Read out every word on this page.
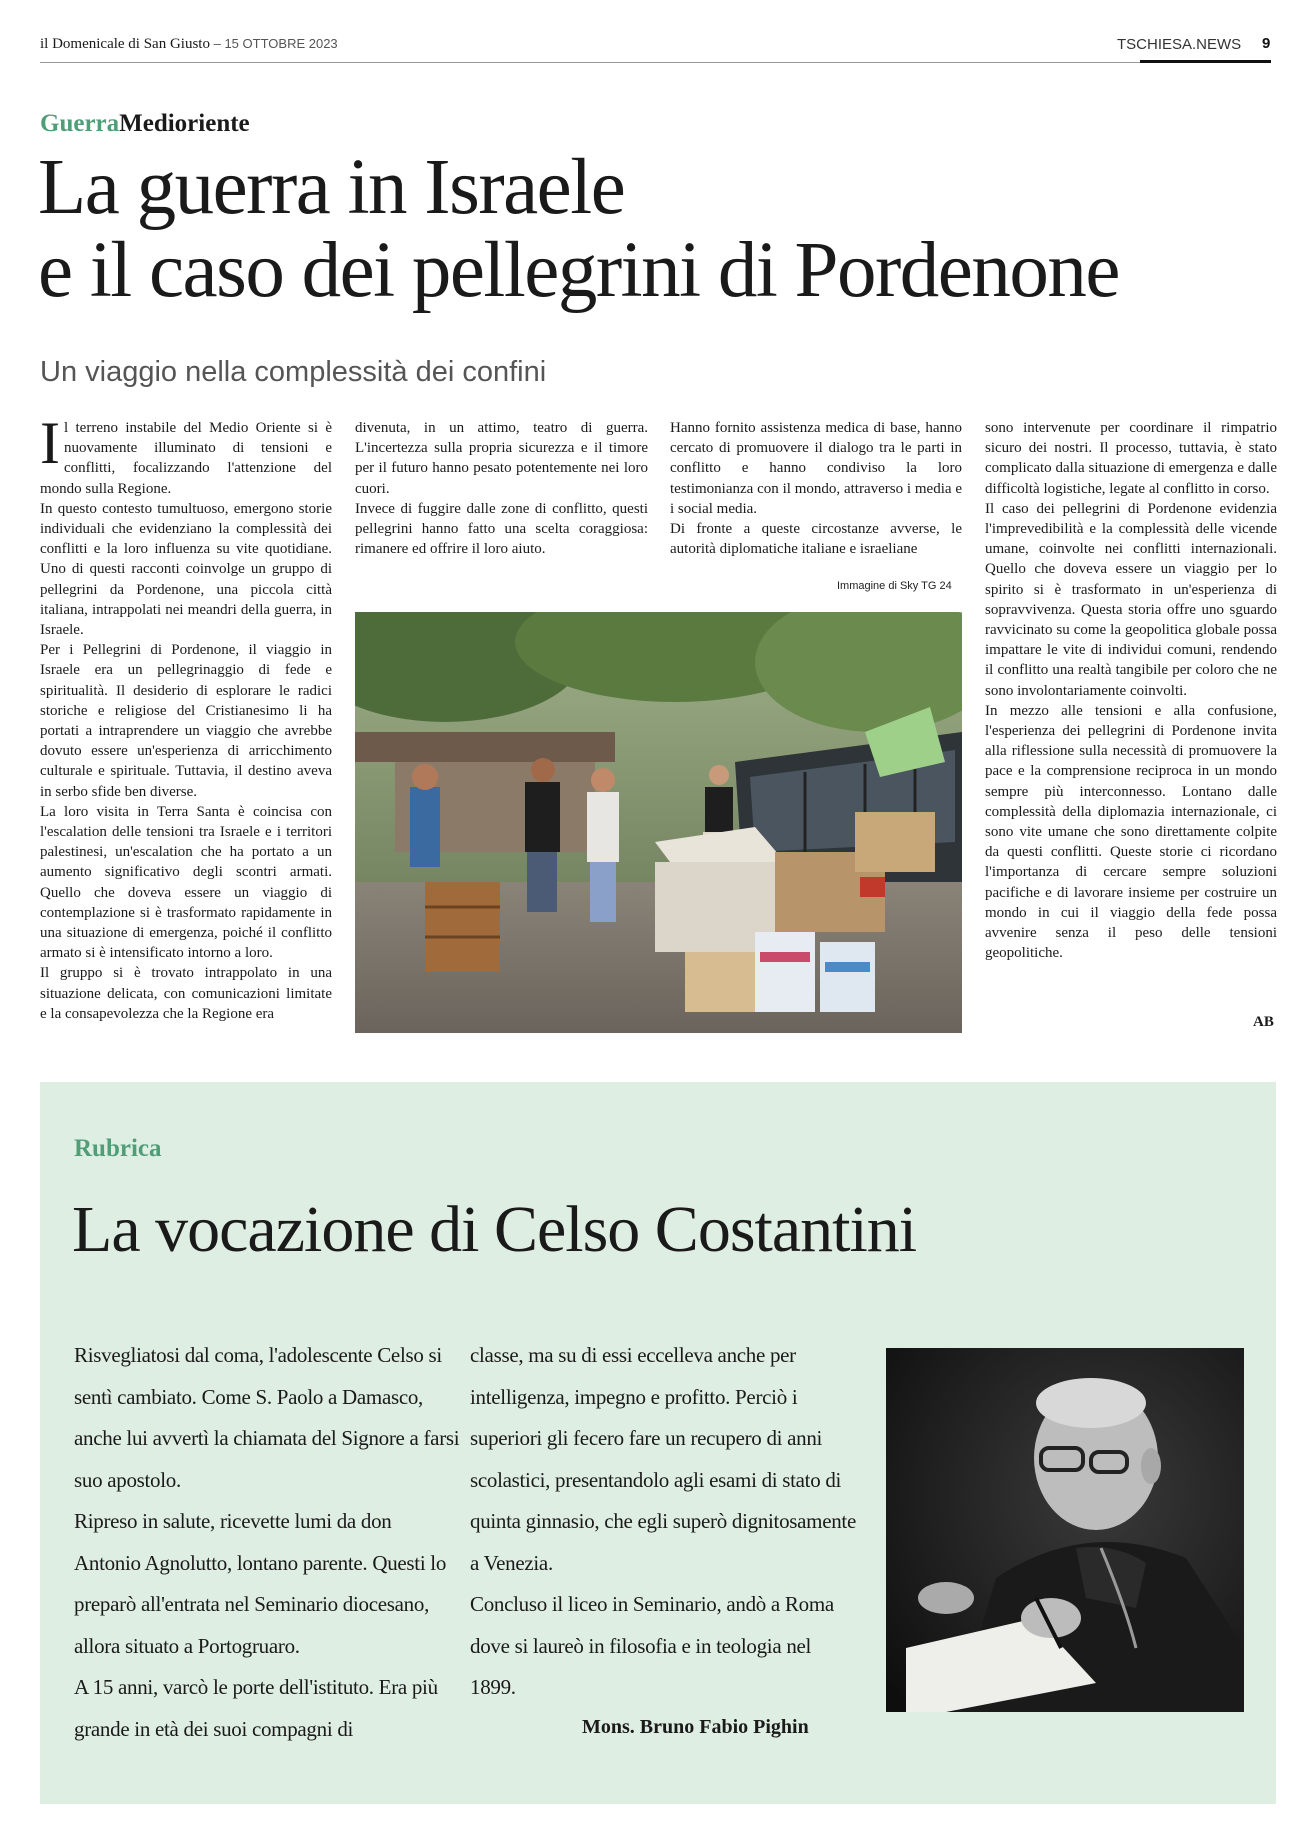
il Domenicale di San Giusto – 15 OTTOBRE 2023	TSCHIESA.NEWS 9
GuerraMedioriente
La guerra in Israele
e il caso dei pellegrini di Pordenone
Un viaggio nella complessità dei confini

Il terreno instabile del Medio Oriente si è nuovamente illuminato di tensioni e conflitti, focalizzando l'attenzione del mondo sulla Regione.

In questo contesto tumultuoso, emergono storie individuali che evidenziano la complessità dei conflitti e la loro influenza su vite quotidiane. Uno di questi racconti coinvolge un gruppo di pellegrini da Pordenone, una piccola città italiana, intrappolati nei meandri della guerra, in Israele.

Per i Pellegrini di Pordenone, il viaggio in Israele era un pellegrinaggio di fede e spiritualità. Il desiderio di esplorare le radici storiche e religiose del Cristianesimo li ha portati a intraprendere un viaggio che avrebbe dovuto essere un'esperienza di arricchimento culturale e spirituale. Tuttavia, il destino aveva in serbo sfide ben diverse.

La loro visita in Terra Santa è coincisa con l'escalation delle tensioni tra Israele e i territori palestinesi, un'escalation che ha portato a un aumento significativo degli scontri armati. Quello che doveva essere un viaggio di contemplazione si è trasformato rapidamente in una situazione di emergenza, poiché il conflitto armato si è intensificato intorno a loro.

Il gruppo si è trovato intrappolato in una situazione delicata, con comunicazioni limitate e la consapevolezza che la Regione era

divenuta, in un attimo, teatro di guerra. L'incertezza sulla propria sicurezza e il timore per il futuro hanno pesato potentemente nei loro cuori.

Invece di fuggire dalle zone di conflitto, questi pellegrini hanno fatto una scelta coraggiosa: rimanere ed offrire il loro aiuto.

Hanno fornito assistenza medica di base, hanno cercato di promuovere il dialogo tra le parti in conflitto e hanno condiviso la loro testimonianza con il mondo, attraverso i media e i social media.

Di fronte a queste circostanze avverse, le autorità diplomatiche italiane e israeliane

sono intervenute per coordinare il rimpatrio sicuro dei nostri. Il processo, tuttavia, è stato complicato dalla situazione di emergenza e dalle difficoltà logistiche, legate al conflitto in corso.

Il caso dei pellegrini di Pordenone evidenzia l'imprevedibilità e la complessità delle vicende umane, coinvolte nei conflitti internazionali. Quello che doveva essere un viaggio per lo spirito si è trasformato in un'esperienza di sopravvivenza. Questa storia offre uno sguardo ravvicinato su come la geopolitica globale possa impattare le vite di individui comuni, rendendo il conflitto una realtà tangibile per coloro che ne sono involontariamente coinvolti.

In mezzo alle tensioni e alla confusione, l'esperienza dei pellegrini di Pordenone invita alla riflessione sulla necessità di promuovere la pace e la comprensione reciproca in un mondo sempre più interconnesso. Lontano dalle complessità della diplomazia internazionale, ci sono vite umane che sono direttamente colpite da questi conflitti. Queste storie ci ricordano l'importanza di cercare sempre soluzioni pacifiche e di lavorare insieme per costruire un mondo in cui il viaggio della fede possa avvenire senza il peso delle tensioni geopolitiche.

Immagine di Sky TG 24
AB
Rubrica
La vocazione di Celso Costantini

Risvegliatosi dal coma, l'adolescente Celso si sentì cambiato. Come S. Paolo a Damasco, anche lui avvertì la chiamata del Signore a farsi suo apostolo.

Ripreso in salute, ricevette lumi da don Antonio Agnolutto, lontano parente. Questi lo preparò all'entrata nel Seminario diocesano, allora situato a Portogruaro.

A 15 anni, varcò le porte dell'istituto. Era più grande in età dei suoi compagni di

classe, ma su di essi eccelleva anche per intelligenza, impegno e profitto. Perciò i superiori gli fecero fare un recupero di anni scolastici, presentandolo agli esami di stato di quinta ginnasio, che egli superò dignitosamente a Venezia.

Concluso il liceo in Seminario, andò a Roma dove si laureò in filosofia e in teologia nel 1899.

Mons. Bruno Fabio Pighin
